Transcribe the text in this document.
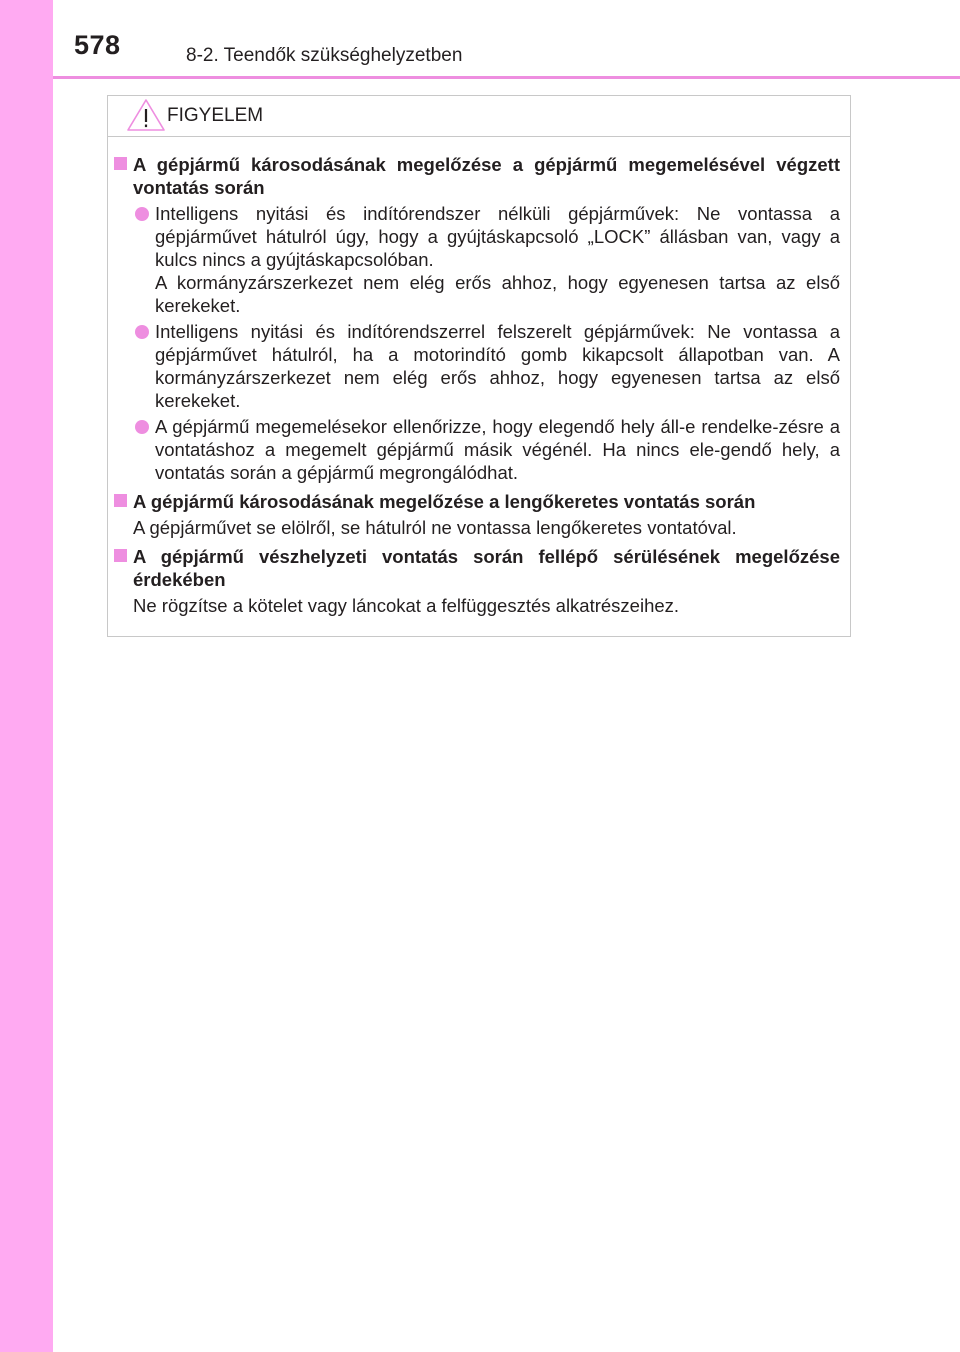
578	8-2. Teendők szükséghelyzetben
FIGYELEM

A gépjármű károsodásának megelőzése a gépjármű megemelésével végzett vontatás során

Intelligens nyitási és indítórendszer nélküli gépjárművek: Ne vontassa a gépjárművet hátulról úgy, hogy a gyújtáskapcsoló „LOCK” állásban van, vagy a kulcs nincs a gyújtáskapcsolóban.

A kormányzárszerkezet nem elég erős ahhoz, hogy egyenesen tartsa az első kerekeket.

Intelligens nyitási és indítórendszerrel felszerelt gépjárművek: Ne vontassa a gépjárművet hátulról, ha a motorindító gomb kikapcsolt állapotban van. A kormányzárszerkezet nem elég erős ahhoz, hogy egyenesen tartsa az első kerekeket.

A gépjármű megemelésekor ellenőrizze, hogy elegendő hely áll-e rendelke-zésre a vontatáshoz a megemelt gépjármű másik végénél. Ha nincs ele-gendő hely, a vontatás során a gépjármű megrongálódhat.

A gépjármű károsodásának megelőzése a lengőkeretes vontatás során

A gépjárművet se elölről, se hátulról ne vontassa lengőkeretes vontatóval.

A gépjármű vészhelyzeti vontatás során fellépő sérülésének megelőzése érdekében

Ne rögzítse a kötelet vagy láncokat a felfüggesztés alkatrészeihez.
